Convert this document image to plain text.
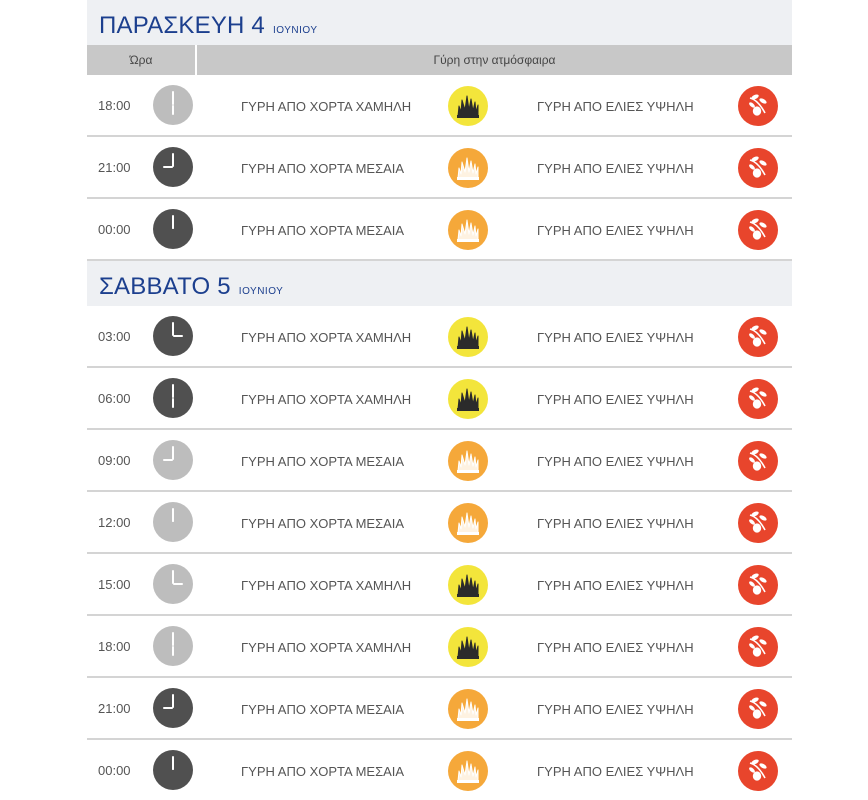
ΠΑΡΑΣΚΕΥΗ 4 ΙΟΥΝΙΟΥ
Ώρα	Γύρη στην ατμόσφαιρα
18:00	ΓΥΡΗ ΑΠΟ ΧΟΡΤΑ ΧΑΜΗΛΗ	ΓΥΡΗ ΑΠΟ ΕΛΙΕΣ ΥΨΗΛΗ
21:00	ΓΥΡΗ ΑΠΟ ΧΟΡΤΑ ΜΕΣΑΙΑ	ΓΥΡΗ ΑΠΟ ΕΛΙΕΣ ΥΨΗΛΗ
00:00	ΓΥΡΗ ΑΠΟ ΧΟΡΤΑ ΜΕΣΑΙΑ	ΓΥΡΗ ΑΠΟ ΕΛΙΕΣ ΥΨΗΛΗ
ΣΑΒΒΑΤΟ 5 ΙΟΥΝΙΟΥ
03:00	ΓΥΡΗ ΑΠΟ ΧΟΡΤΑ ΧΑΜΗΛΗ	ΓΥΡΗ ΑΠΟ ΕΛΙΕΣ ΥΨΗΛΗ
06:00	ΓΥΡΗ ΑΠΟ ΧΟΡΤΑ ΧΑΜΗΛΗ	ΓΥΡΗ ΑΠΟ ΕΛΙΕΣ ΥΨΗΛΗ
09:00	ΓΥΡΗ ΑΠΟ ΧΟΡΤΑ ΜΕΣΑΙΑ	ΓΥΡΗ ΑΠΟ ΕΛΙΕΣ ΥΨΗΛΗ
12:00	ΓΥΡΗ ΑΠΟ ΧΟΡΤΑ ΜΕΣΑΙΑ	ΓΥΡΗ ΑΠΟ ΕΛΙΕΣ ΥΨΗΛΗ
15:00	ΓΥΡΗ ΑΠΟ ΧΟΡΤΑ ΧΑΜΗΛΗ	ΓΥΡΗ ΑΠΟ ΕΛΙΕΣ ΥΨΗΛΗ
18:00	ΓΥΡΗ ΑΠΟ ΧΟΡΤΑ ΧΑΜΗΛΗ	ΓΥΡΗ ΑΠΟ ΕΛΙΕΣ ΥΨΗΛΗ
21:00	ΓΥΡΗ ΑΠΟ ΧΟΡΤΑ ΜΕΣΑΙΑ	ΓΥΡΗ ΑΠΟ ΕΛΙΕΣ ΥΨΗΛΗ
00:00	ΓΥΡΗ ΑΠΟ ΧΟΡΤΑ ΜΕΣΑΙΑ	ΓΥΡΗ ΑΠΟ ΕΛΙΕΣ ΥΨΗΛΗ
